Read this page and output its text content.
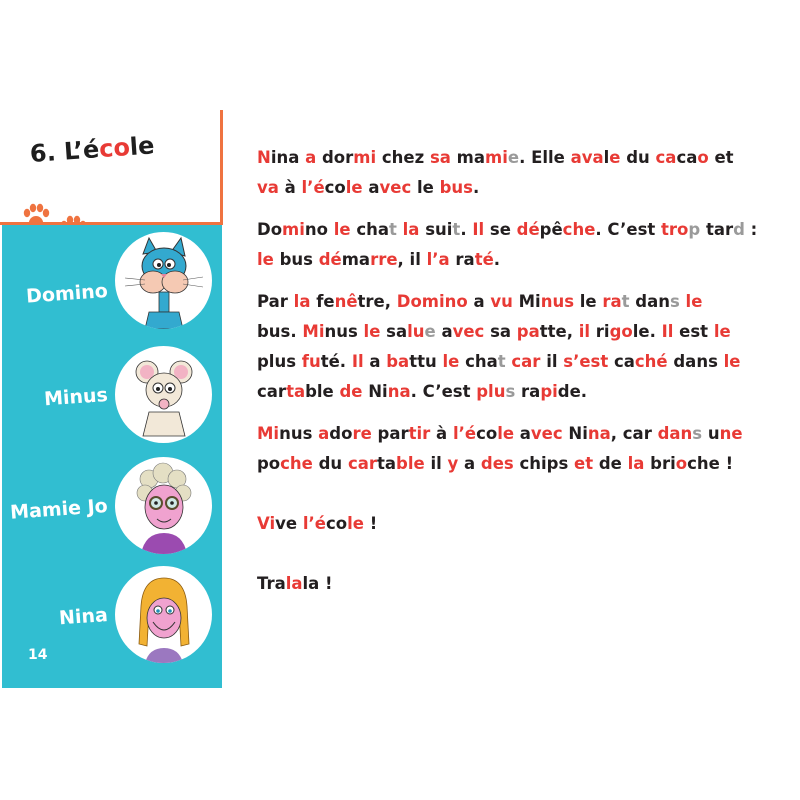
6. L’école
Domino
Minus
Mamie Jo
Nina
14

Nina a dormi chez sa mamie. Elle avale du cacao et
va à l’école avec le bus.

Domino le chat la suit. Il se dépêche. C’est trop tard :
le bus démarre, il l’a raté.

Par la fenêtre, Domino a vu Minus le rat dans le
bus. Minus le salue avec sa patte, il rigole. Il est le
plus futé. Il a battu le chat car il s’est caché dans le
cartable de Nina. C’est plus rapide.

Minus adore partir à l’école avec Nina, car dans une
poche du cartable il y a des chips et de la brioche !

Vive l’école !

Tralala !
